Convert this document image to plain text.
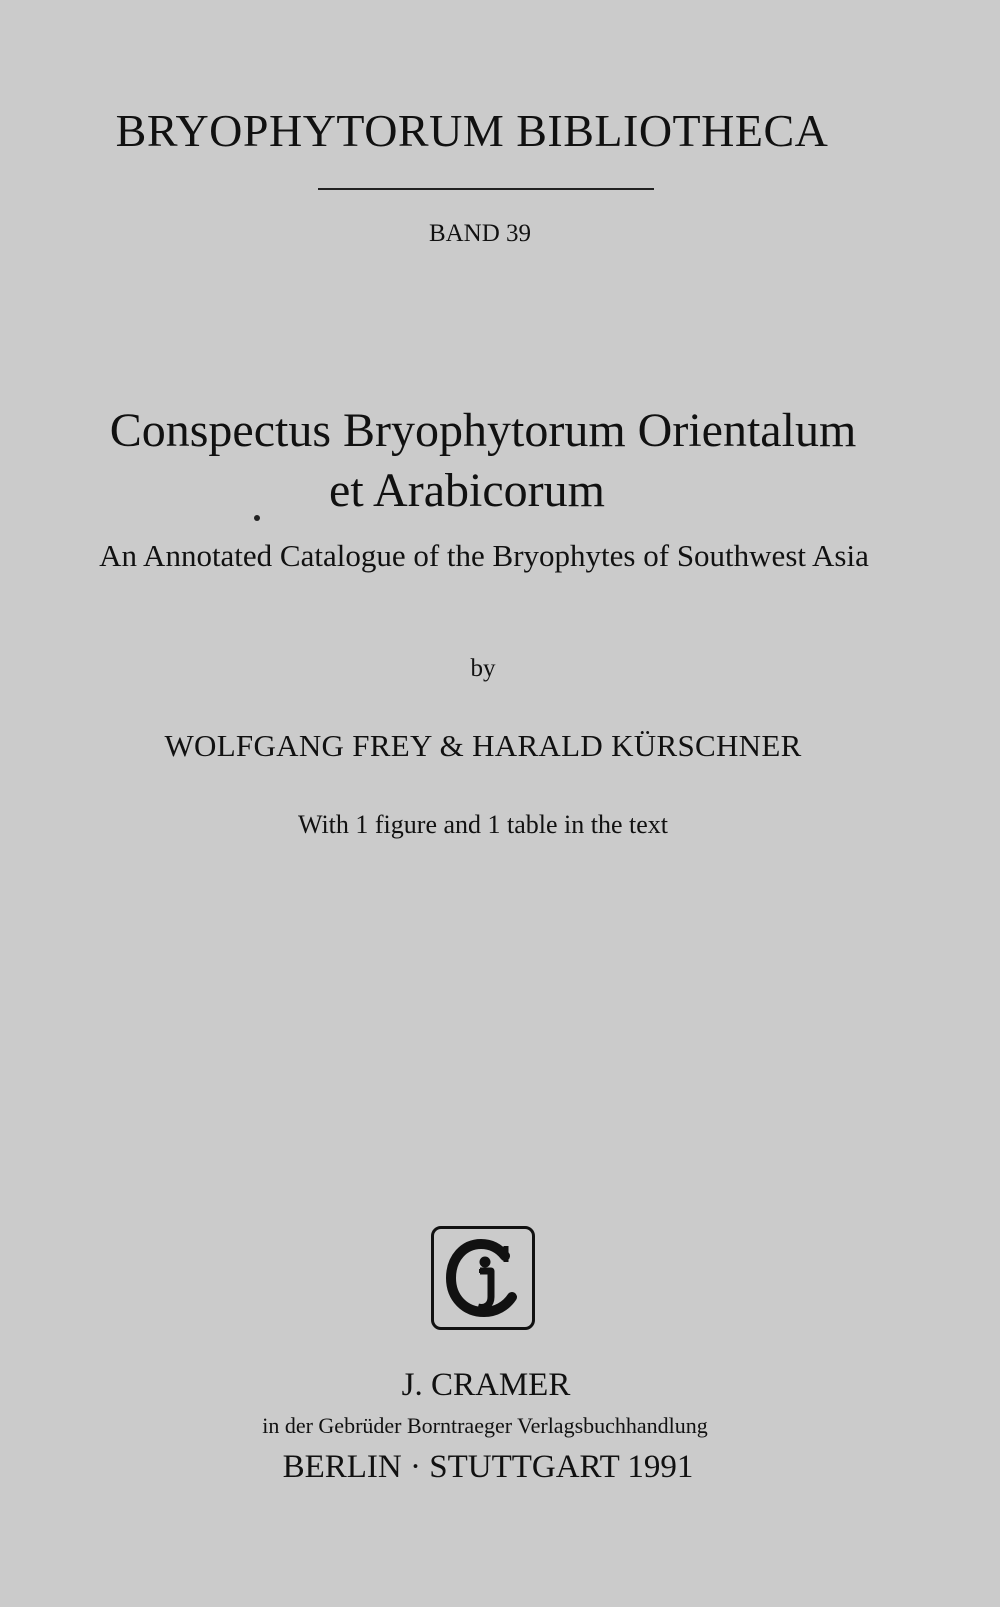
BRYOPHYTORUM BIBLIOTHECA
BAND 39
Conspectus Bryophytorum Orientalum
et Arabicorum
An Annotated Catalogue of the Bryophytes of Southwest Asia
by
WOLFGANG FREY & HARALD KÜRSCHNER
With 1 figure and 1 table in the text
J. CRAMER
in der Gebrüder Borntraeger Verlagsbuchhandlung
BERLIN · STUTTGART 1991
